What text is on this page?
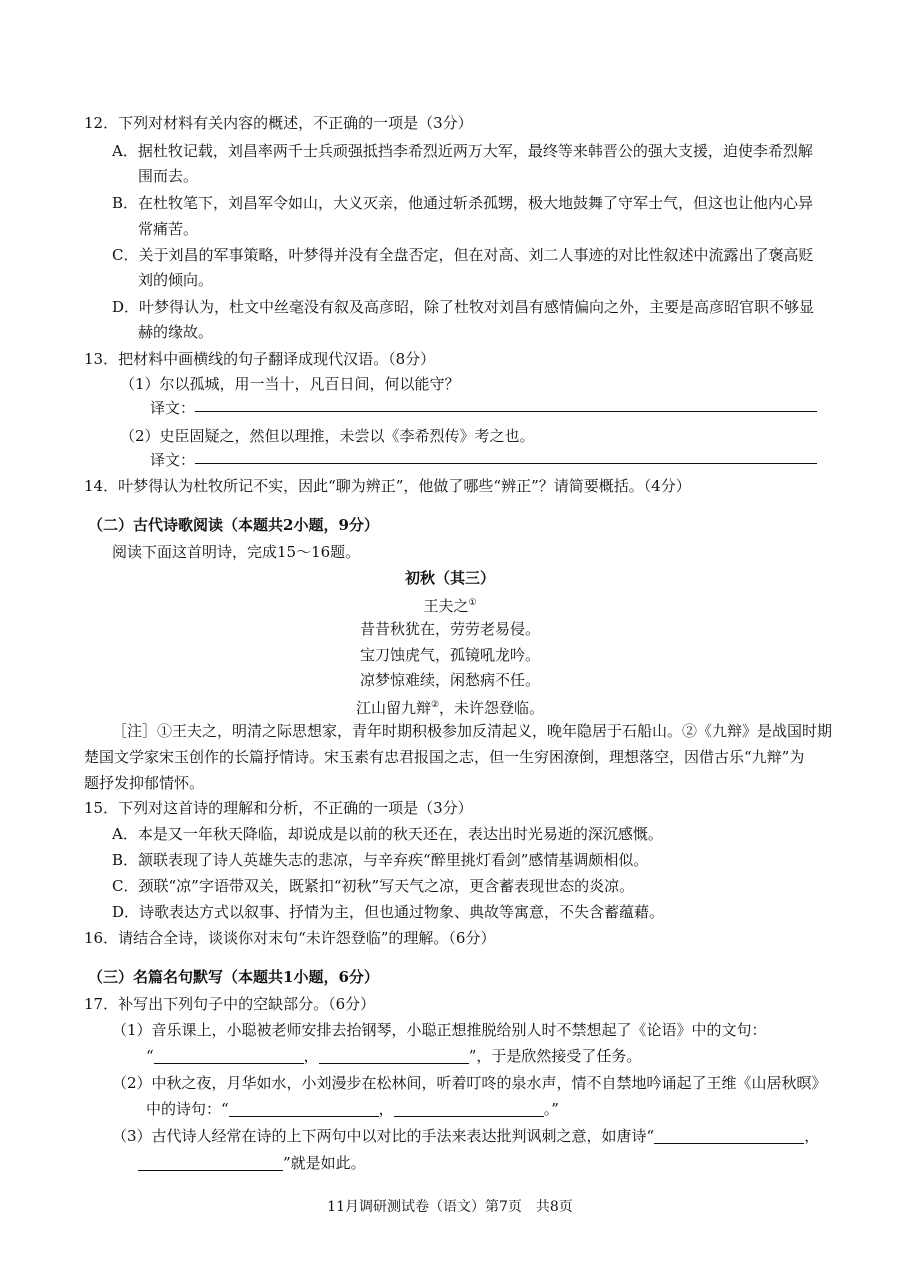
12．下列对材料有关内容的概述，不正确的一项是（3分）
A．据杜牧记载，刘昌率两千士兵顽强抵挡李希烈近两万大军，最终等来韩晋公的强大支援，迫使李希烈解
围而去。
B．在杜牧笔下，刘昌军令如山，大义灭亲，他通过斩杀孤甥，极大地鼓舞了守军士气，但这也让他内心异
常痛苦。
C．关于刘昌的军事策略，叶梦得并没有全盘否定，但在对高、刘二人事迹的对比性叙述中流露出了褒高贬
刘的倾向。
D．叶梦得认为，杜文中丝毫没有叙及高彦昭，除了杜牧对刘昌有感情偏向之外，主要是高彦昭官职不够显
赫的缘故。
13．把材料中画横线的句子翻译成现代汉语。（8分）
（1）尔以孤城，用一当十，凡百日间，何以能守？
译文：
（2）史臣固疑之，然但以理推，未尝以《李希烈传》考之也。
译文：
14．叶梦得认为杜牧所记不实，因此“聊为辨正”，他做了哪些“辨正”？请简要概括。（4分）
（二）古代诗歌阅读（本题共2小题，9分）
阅读下面这首明诗，完成15～16题。
初秋（其三）
王夫之①
昔昔秋犹在，劳劳老易侵。
宝刀蚀虎气，孤镜吼龙吟。
凉梦惊难续，闲愁病不任。
江山留九辩②，未许怨登临。
［注］①王夫之，明清之际思想家，青年时期积极参加反清起义，晚年隐居于石船山。②《九辩》是战国时期
楚国文学家宋玉创作的长篇抒情诗。宋玉素有忠君报国之志，但一生穷困潦倒，理想落空，因借古乐“九辩”为
题抒发抑郁情怀。
15．下列对这首诗的理解和分析，不正确的一项是（3分）
A．本是又一年秋天降临，却说成是以前的秋天还在，表达出时光易逝的深沉感慨。
B．颔联表现了诗人英雄失志的悲凉，与辛弃疾“醉里挑灯看剑”感情基调颇相似。
C．颈联“凉”字语带双关，既紧扣“初秋”写天气之凉，更含蓄表现世态的炎凉。
D．诗歌表达方式以叙事、抒情为主，但也通过物象、典故等寓意，不失含蓄蕴藉。
16．请结合全诗，谈谈你对末句“未许怨登临”的理解。（6分）
（三）名篇名句默写（本题共1小题，6分）
17．补写出下列句子中的空缺部分。（6分）
（1）音乐课上，小聪被老师安排去抬钢琴，小聪正想推脱给别人时不禁想起了《论语》中的文句：
“	，	”，于是欣然接受了任务。
（2）中秋之夜，月华如水，小刘漫步在松林间，听着叮咚的泉水声，情不自禁地吟诵起了王维《山居秋暝》
中的诗句：“	，	。”
（3）古代诗人经常在诗的上下两句中以对比的手法来表达批判讽刺之意，如唐诗“	，
”就是如此。
11月调研测试卷（语文）第7页　共8页
